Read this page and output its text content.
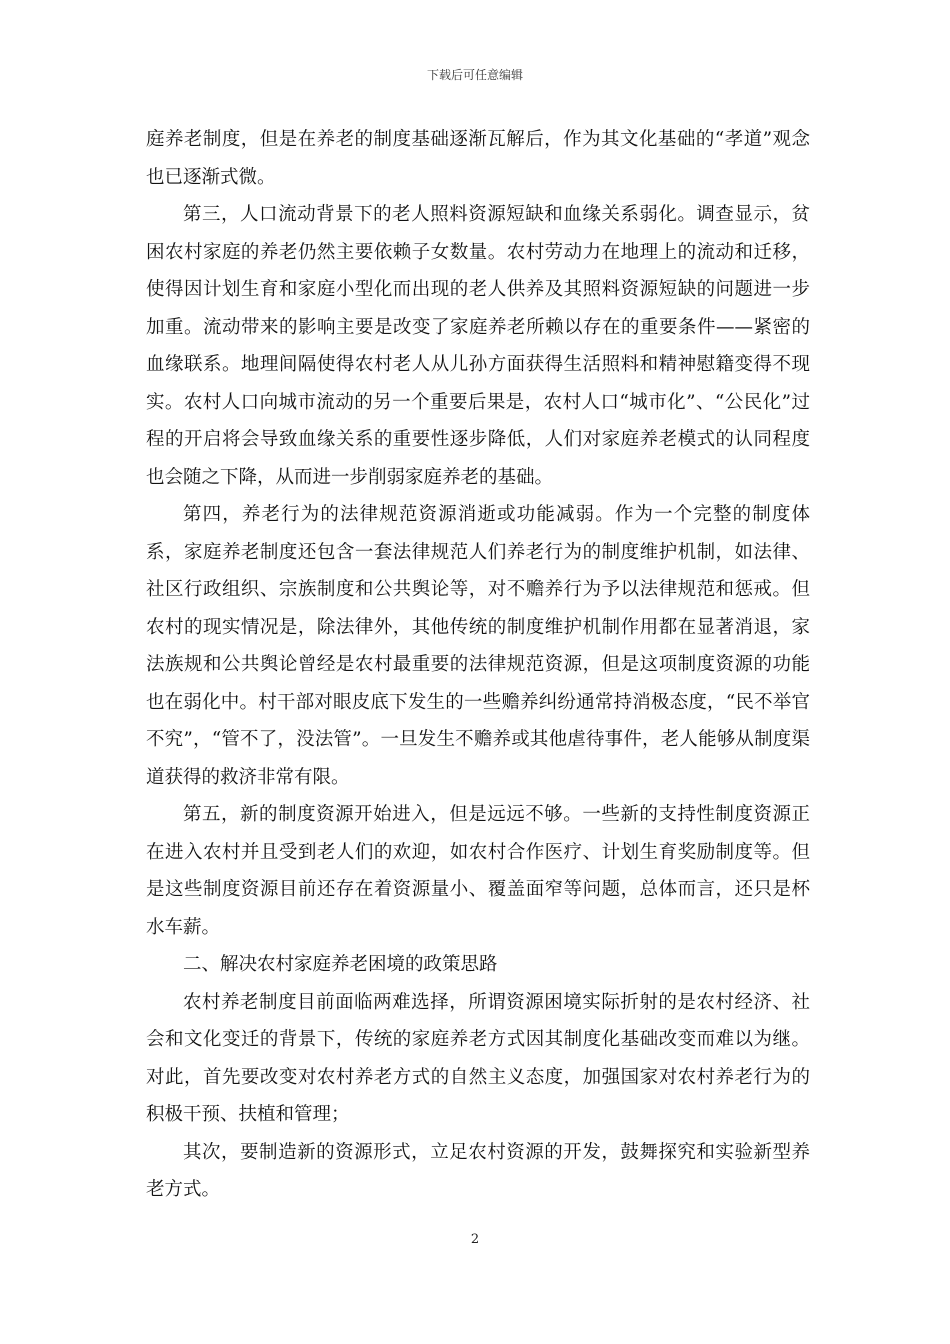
下载后可任意编辑

庭养老制度，但是在养老的制度基础逐渐瓦解后，作为其文化基础的“孝道”观念也已逐渐式微。

第三，人口流动背景下的老人照料资源短缺和血缘关系弱化。调查显示，贫困农村家庭的养老仍然主要依赖子女数量。农村劳动力在地理上的流动和迁移，使得因计划生育和家庭小型化而出现的老人供养及其照料资源短缺的问题进一步加重。流动带来的影响主要是改变了家庭养老所赖以存在的重要条件——紧密的血缘联系。地理间隔使得农村老人从儿孙方面获得生活照料和精神慰籍变得不现实。农村人口向城市流动的另一个重要后果是，农村人口“城市化”、“公民化”过程的开启将会导致血缘关系的重要性逐步降低，人们对家庭养老模式的认同程度也会随之下降，从而进一步削弱家庭养老的基础。

第四，养老行为的法律规范资源消逝或功能减弱。作为一个完整的制度体系，家庭养老制度还包含一套法律规范人们养老行为的制度维护机制，如法律、社区行政组织、宗族制度和公共舆论等，对不赡养行为予以法律规范和惩戒。但农村的现实情况是，除法律外，其他传统的制度维护机制作用都在显著消退，家法族规和公共舆论曾经是农村最重要的法律规范资源，但是这项制度资源的功能也在弱化中。村干部对眼皮底下发生的一些赡养纠纷通常持消极态度，“民不举官不究”，“管不了，没法管”。一旦发生不赡养或其他虐待事件，老人能够从制度渠道获得的救济非常有限。

第五，新的制度资源开始进入，但是远远不够。一些新的支持性制度资源正在进入农村并且受到老人们的欢迎，如农村合作医疗、计划生育奖励制度等。但是这些制度资源目前还存在着资源量小、覆盖面窄等问题，总体而言，还只是杯水车薪。

二、解决农村家庭养老困境的政策思路

农村养老制度目前面临两难选择，所谓资源困境实际折射的是农村经济、社会和文化变迁的背景下，传统的家庭养老方式因其制度化基础改变而难以为继。对此，首先要改变对农村养老方式的自然主义态度，加强国家对农村养老行为的积极干预、扶植和管理；

其次，要制造新的资源形式，立足农村资源的开发，鼓舞探究和实验新型养老方式。

2
